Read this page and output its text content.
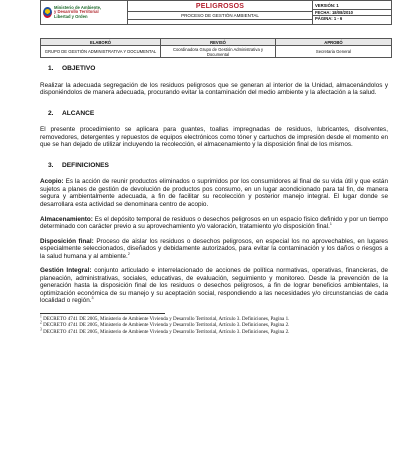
Ministerio de Ambiente,
y Desarrollo Territorial
Libertad y Orden
	PELIGROSOS	VERSIÓN: 1
FECHA: 18/08/2010
PÁGINA: 1 - 6

PROCESO DE GESTIÓN AMBIENTAL

ELABORÓ	REVISÓ	APROBÓ
GRUPO DE GESTIÓN ADMINISTRATIVA Y DOCUMENTAL	Coordinadora Grupo de Gestión Administrativa y Documental	Secretaria General
1. OBJETIVO
Realizar la adecuada segregación de los residuos peligrosos que se generan al interior de la Unidad, almacenándolos y disponiéndolos de manera adecuada, procurando evitar la contaminación del medio ambiente y la afectación a la salud.
2. ALCANCE
El presente procedimiento se aplicara para guantes, toallas impregnadas de residuos, lubricantes, disolventes, removedores, detergentes y repuestos de equipos electrónicos como tóner y cartuchos de impresión desde el momento en que se han dejado de utilizar incluyendo la recolección, el almacenamiento y la disposición final de los mismos.
3. DEFINICIONES
Acopio: Es la acción de reunir productos eliminados o suprimidos por los consumidores al final de su vida útil y que están sujetos a planes de gestión de devolución de productos pos consumo, en un lugar acondicionado para tal fin, de manera segura y ambientalmente adecuada, a fin de facilitar su recolección y posterior manejo integral. El lugar donde se desarrollara esta actividad se denominara centro de acopio.
Almacenamiento: Es el depósito temporal de residuos o desechos peligrosos en un espacio físico definido y por un tiempo determinado con carácter previo a su aprovechamiento y/o valoración, tratamiento y/o disposición final.$^1$
Disposición final: Proceso de aislar los residuos o desechos peligrosos, en especial los no aprovechables, en lugares especialmente seleccionados, diseñados y debidamente autorizados, para evitar la contaminación y los daños o riesgos a la salud humana y al ambiente.$^2$
Gestión Integral: conjunto articulado e interrelacionado de acciones de política normativas, operativas, financieras, de planeación, administrativas, sociales, educativas, de evaluación, seguimiento y monitoreo. Desde la prevención de la generación hasta la disposición final de los residuos o desechos peligrosos, a fin de lograr beneficios ambientales, la optimización económica de su manejo y su aceptación social, respondiendo a las necesidades y/o circunstancias de cada localidad o región.$^3$
$^1$ DECRETO 4741 DE 2005, Ministerio de Ambiente Vivienda y Desarrollo Territorial, Artículo 3. Definiciones, Pagina 1.
$^2$ DECRETO 4741 DE 2005, Ministerio de Ambiente Vivienda y Desarrollo Territorial, Artículo 3. Definiciones, Pagina 2.
$^3$ DECRETO 4741 DE 2005, Ministerio de Ambiente Vivienda y Desarrollo Territorial, Artículo 3. Definiciones, Pagina 2.
